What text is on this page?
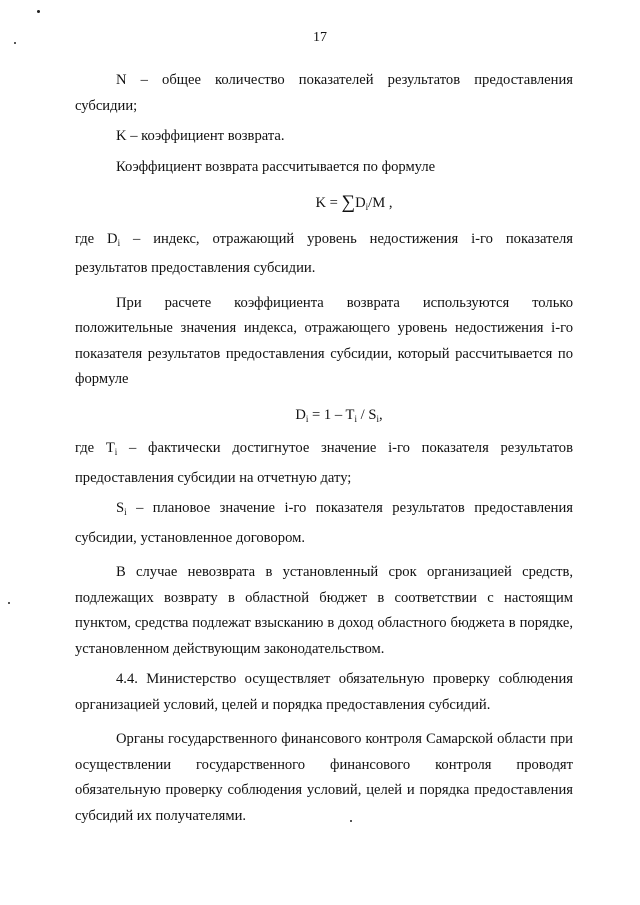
17

N – общее количество показателей результатов предоставления субсидии;

K – коэффициент возврата.

Коэффициент возврата рассчитывается по формуле

$K = \sum D_i/M$ ,

где $D_i$ – индекс, отражающий уровень недостижения i-го показателя результатов предоставления субсидии.

При расчете коэффициента возврата используются только положительные значения индекса, отражающего уровень недостижения i-го показателя результатов предоставления субсидии, который рассчитывается по формуле

$D_i = 1 - T_i / S_i$,

где $T_i$ – фактически достигнутое значение i-го показателя результатов предоставления субсидии на отчетную дату;

$S_i$ – плановое значение i-го показателя результатов предоставления субсидии, установленное договором.

В случае невозврата в установленный срок организацией средств, подлежащих возврату в областной бюджет в соответствии с настоящим пунктом, средства подлежат взысканию в доход областного бюджета в порядке, установленном действующим законодательством.

4.4. Министерство осуществляет обязательную проверку соблюдения организацией условий, целей и порядка предоставления субсидий.

Органы государственного финансового контроля Самарской области при осуществлении государственного финансового контроля проводят обязательную проверку соблюдения условий, целей и порядка предоставления субсидий их получателями.
